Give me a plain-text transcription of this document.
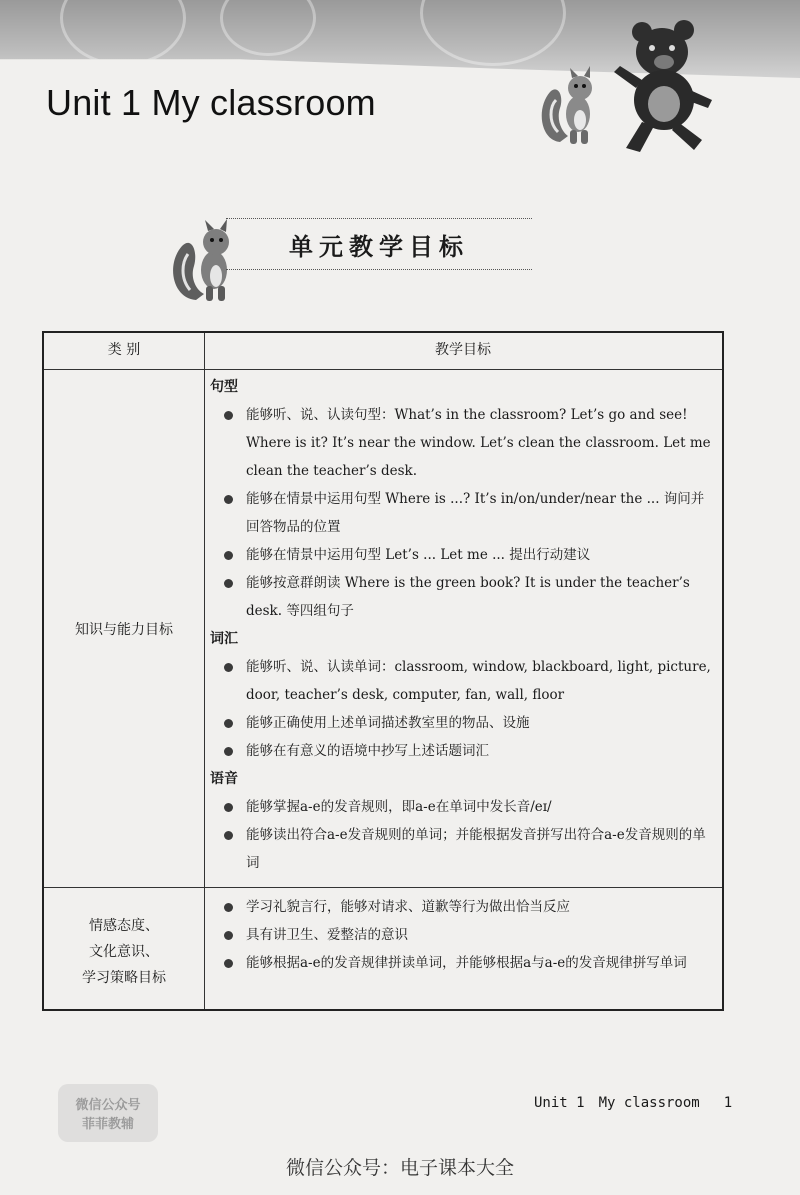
Unit 1 My classroom
单元教学目标
类 别	教学目标
知识与能力目标
句型
能够听、说、认读句型：What’s in the classroom? Let’s go and see! Where is it? It’s near the window. Let’s clean the classroom. Let me clean the teacher’s desk.
能够在情景中运用句型 Where is ...? It’s in/on/under/near the ... 询问并回答物品的位置
能够在情景中运用句型 Let’s ... Let me ... 提出行动建议
能够按意群朗读 Where is the green book? It is under the teacher’s desk. 等四组句子
词汇
能够听、说、认读单词：classroom, window, blackboard, light, picture, door, teacher’s desk, computer, fan, wall, floor
能够正确使用上述单词描述教室里的物品、设施
能够在有意义的语境中抄写上述话题词汇
语音
能够掌握a-e的发音规则，即a-e在单词中发长音/eɪ/
能够读出符合a-e发音规则的单词；并能根据发音拼写出符合a-e发音规则的单词
情感态度、
文化意识、
学习策略目标
学习礼貌言行，能够对请求、道歉等行为做出恰当反应
具有讲卫生、爱整洁的意识
能够根据a-e的发音规律拼读单词，并能够根据a与a-e的发音规律拼写单词
微信公众号
菲菲教辅
Unit 1 My classroom 1
微信公众号：电子课本大全
